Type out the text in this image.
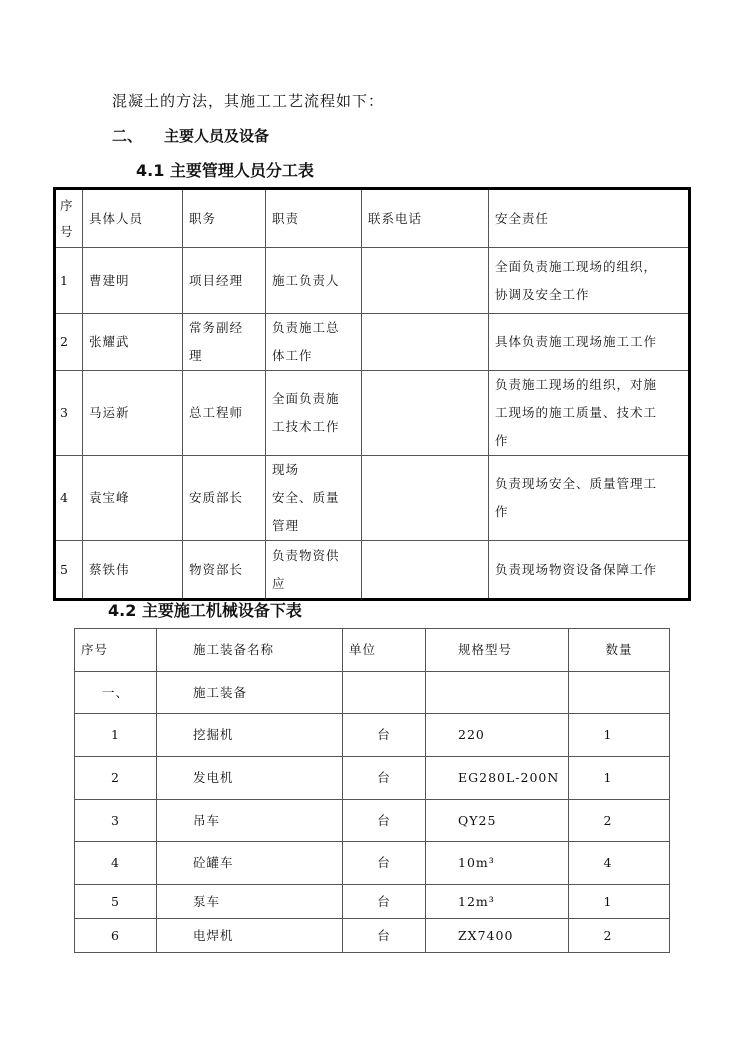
混凝土的方法，其施工工艺流程如下：
二、 主要人员及设备
4.1 主要管理人员分工表
序
号	具体人员	职务	职责	联系电话	安全责任
1	曹建明	项目经理	施工负责人		全面负责施工现场的组织，
协调及安全工作
2	张耀武	常务副经
理	负责施工总
体工作		具体负责施工现场施工工作
3	马运新	总工程师	全面负责施
工技术工作		负责施工现场的组织，对施
工现场的施工质量、技术工
作
4	袁宝峰	安质部长	现场
安全、质量
管理		负责现场安全、质量管理工
作
5	蔡铁伟	物资部长	负责物资供
应		负责现场物资设备保障工作
4.2 主要施工机械设备下表
序号	施工装备名称	单位	规格型号	数量
一、	施工装备			
1	挖掘机	台	220	1
2	发电机	台	EG280L-200N	1
3	吊车	台	QY25	2
4	砼罐车	台	10m³	4
5	泵车	台	12m³	1
6	电焊机	台	ZX7400	2
